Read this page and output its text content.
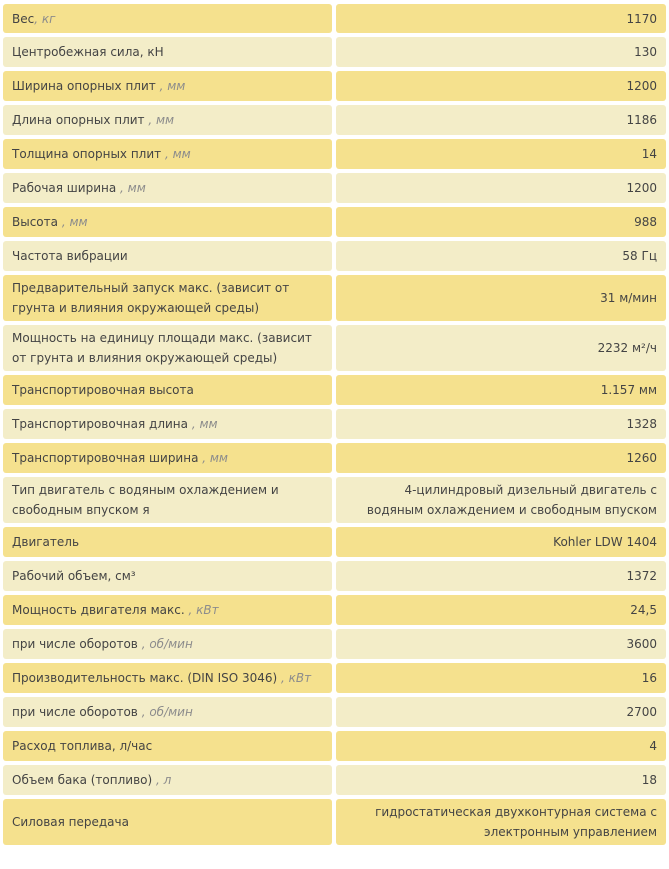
Вес, кг	1170
Центробежная сила, кН	130
Ширина опорных плит , мм	1200
Длина опорных плит , мм	1186
Толщина опорных плит , мм	14
Рабочая ширина , мм	1200
Высота , мм	988
Частота вибрации	58 Гц
Предварительный запуск макс. (зависит от грунта и влияния окружающей среды)	31 м/мин
Мощность на единицу площади макс. (зависит от грунта и влияния окружающей среды)	2232 м²/ч
Транспортировочная высота	1.157 мм
Транспортировочная длина , мм	1328
Транспортировочная ширина , мм	1260
Тип двигатель с водяным охлаждением и свободным впуском я	4-цилиндровый дизельный двигатель с водяным охлаждением и свободным впуском
Двигатель	Kohler LDW 1404
Рабочий объем, см³	1372
Мощность двигателя макс. , кВт	24,5
при числе оборотов , об/мин	3600
Производительность макс. (DIN ISO 3046) , кВт	16
при числе оборотов , об/мин	2700
Расход топлива, л/час	4
Объем бака (топливо) , л	18
Силовая передача	гидростатическая двухконтурная система с электронным управлением
